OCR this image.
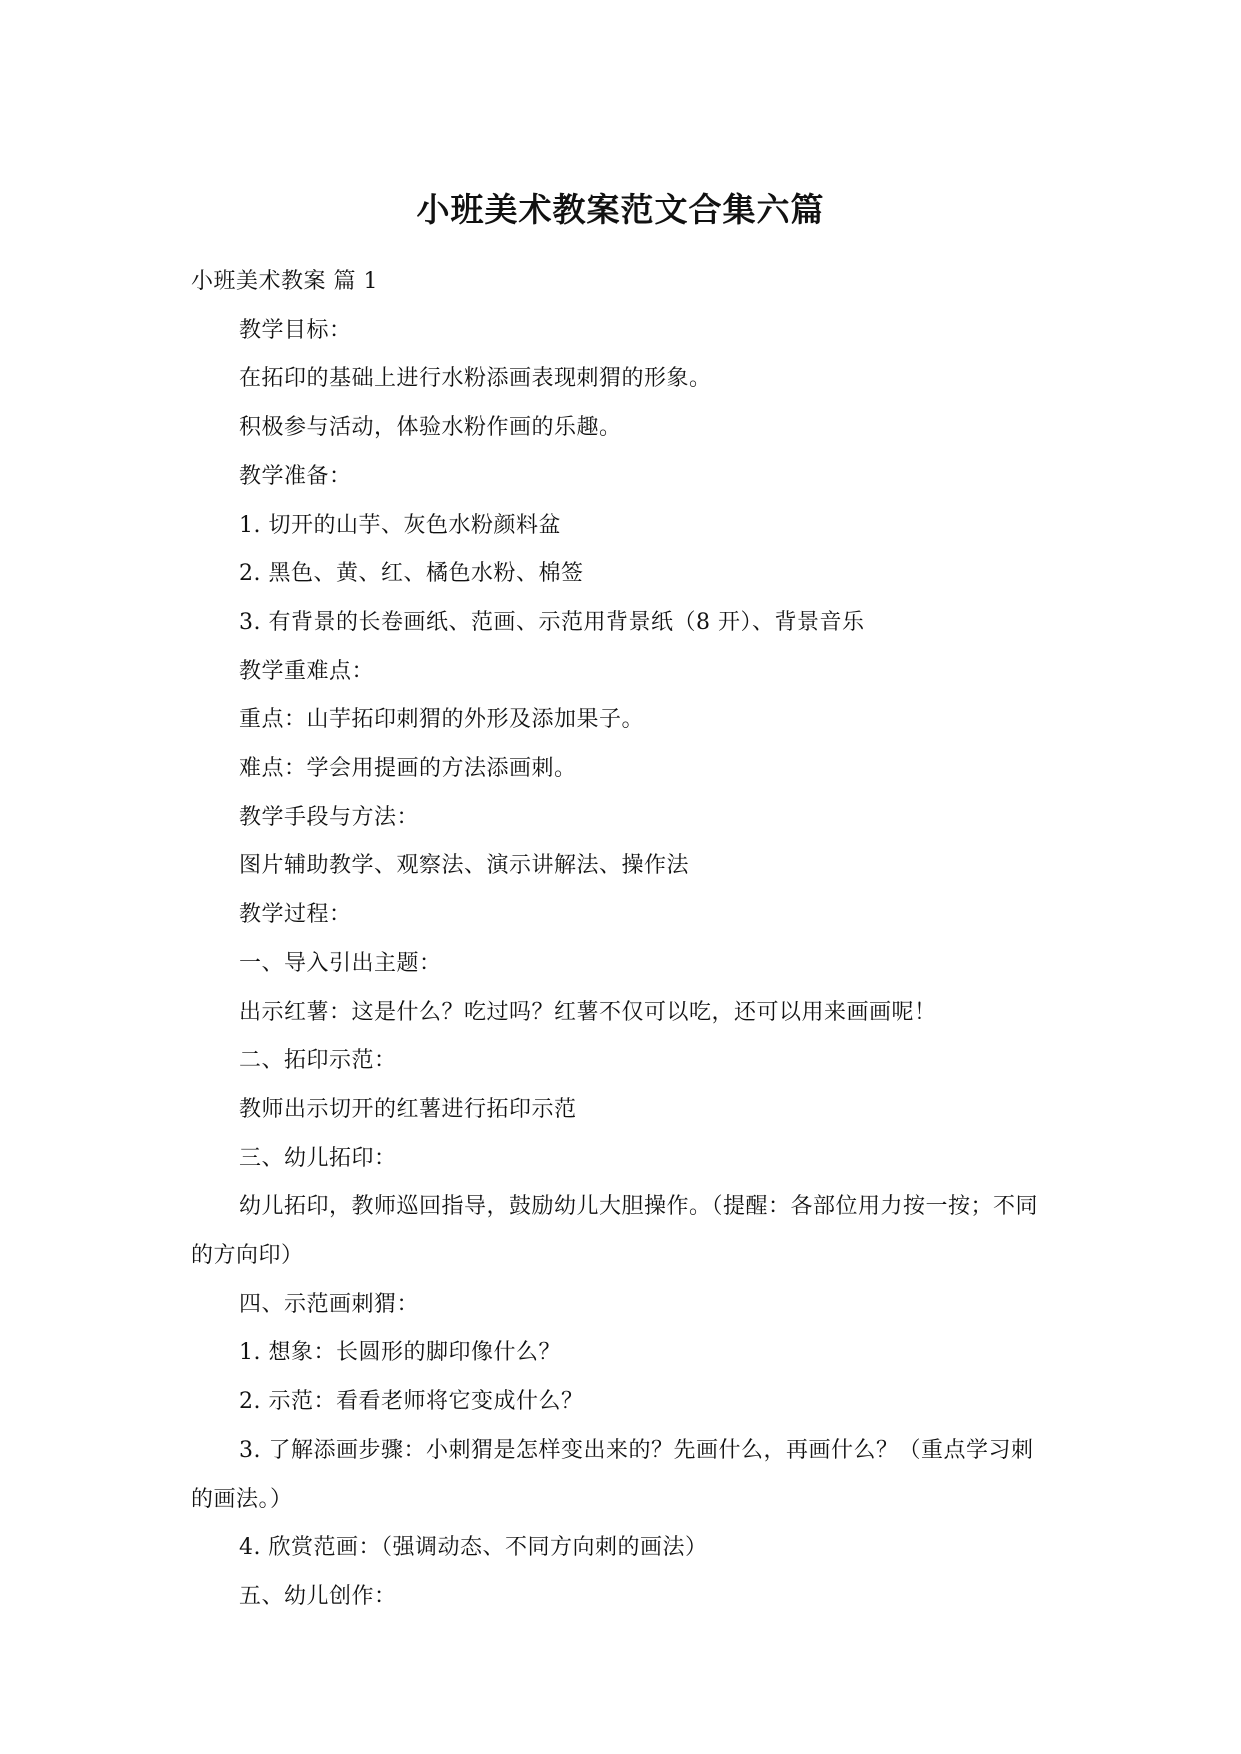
小班美术教案范文合集六篇

小班美术教案 篇 1

教学目标：

在拓印的基础上进行水粉添画表现刺猬的形象。

积极参与活动，体验水粉作画的乐趣。

教学准备：

1. 切开的山芋、灰色水粉颜料盆

2. 黑色、黄、红、橘色水粉、棉签

3. 有背景的长卷画纸、范画、示范用背景纸（8 开）、背景音乐

教学重难点：

重点：山芋拓印刺猬的外形及添加果子。

难点：学会用提画的方法添画刺。

教学手段与方法：

图片辅助教学、观察法、演示讲解法、操作法

教学过程：

一、导入引出主题：

出示红薯：这是什么？吃过吗？红薯不仅可以吃，还可以用来画画呢！

二、拓印示范：

教师出示切开的红薯进行拓印示范

三、幼儿拓印：

幼儿拓印，教师巡回指导，鼓励幼儿大胆操作。（提醒：各部位用力按一按；不同的方向印）

四、示范画刺猬：

1. 想象：长圆形的脚印像什么？

2. 示范：看看老师将它变成什么？

3. 了解添画步骤：小刺猬是怎样变出来的？先画什么，再画什么？（重点学习刺的画法。）

4. 欣赏范画：（强调动态、不同方向刺的画法）

五、幼儿创作：
